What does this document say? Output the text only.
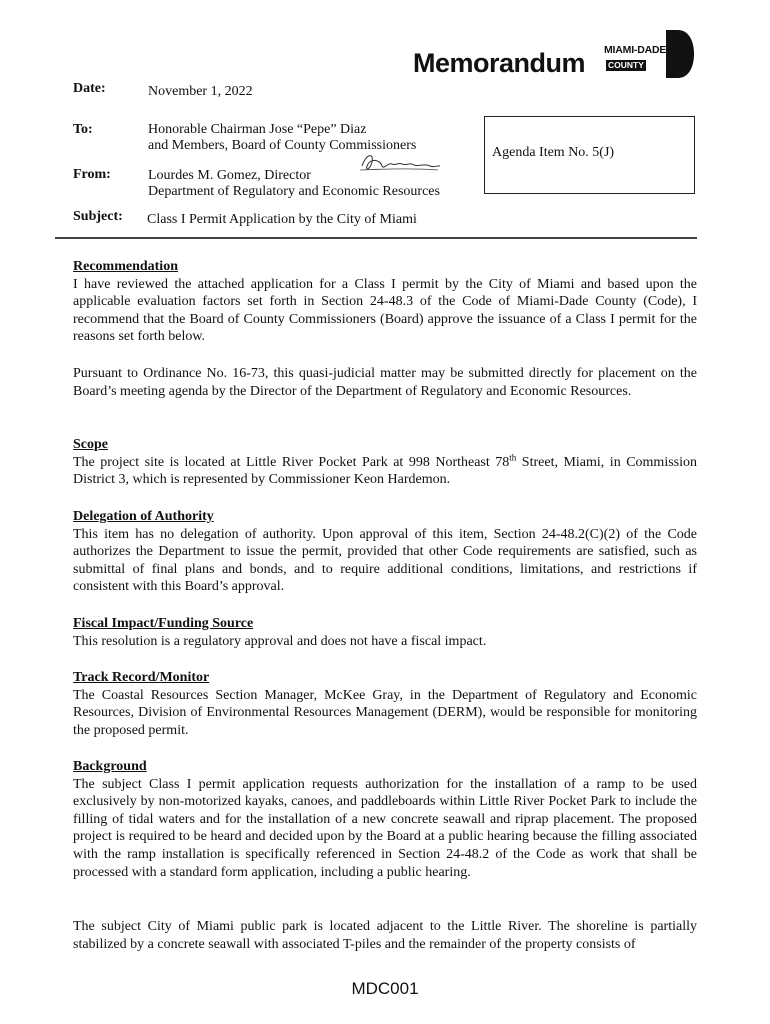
Memorandum MIAMI-DADE
COUNTY
Date:	November 1, 2022
To:	Honorable Chairman Jose “Pepe” Diaz
and Members, Board of County Commissioners	Agenda Item No. 5(J)
From:	Lourdes M. Gomez, Director
Department of Regulatory and Economic Resources
Subject: Class I Permit Application by the City of Miami
Recommendation

I have reviewed the attached application for a Class I permit by the City of Miami and based upon the applicable evaluation factors set forth in Section 24-48.3 of the Code of Miami-Dade County (Code), I recommend that the Board of County Commissioners (Board) approve the issuance of a Class I permit for the reasons set forth below.

Pursuant to Ordinance No. 16-73, this quasi-judicial matter may be submitted directly for placement on the Board’s meeting agenda by the Director of the Department of Regulatory and Economic Resources.
Scope

The project site is located at Little River Pocket Park at 998 Northeast 78th Street, Miami, in Commission District 3, which is represented by Commissioner Keon Hardemon.

Delegation of Authority

This item has no delegation of authority. Upon approval of this item, Section 24-48.2(C)(2) of the Code authorizes the Department to issue the permit, provided that other Code requirements are satisfied, such as submittal of final plans and bonds, and to require additional conditions, limitations, and restrictions if consistent with this Board’s approval.

Fiscal Impact/Funding Source

This resolution is a regulatory approval and does not have a fiscal impact.

Track Record/Monitor

The Coastal Resources Section Manager, McKee Gray, in the Department of Regulatory and Economic Resources, Division of Environmental Resources Management (DERM), would be responsible for monitoring the proposed permit.

Background

The subject Class I permit application requests authorization for the installation of a ramp to be used exclusively by non-motorized kayaks, canoes, and paddleboards within Little River Pocket Park to include the filling of tidal waters and for the installation of a new concrete seawall and riprap placement. The proposed project is required to be heard and decided upon by the Board at a public hearing because the filling associated with the ramp installation is specifically referenced in Section 24-48.2 of the Code as work that shall be processed with a standard form application, including a public hearing.

The subject City of Miami public park is located adjacent to the Little River. The shoreline is partially stabilized by a concrete seawall with associated T-piles and the remainder of the property consists of
MDC001
